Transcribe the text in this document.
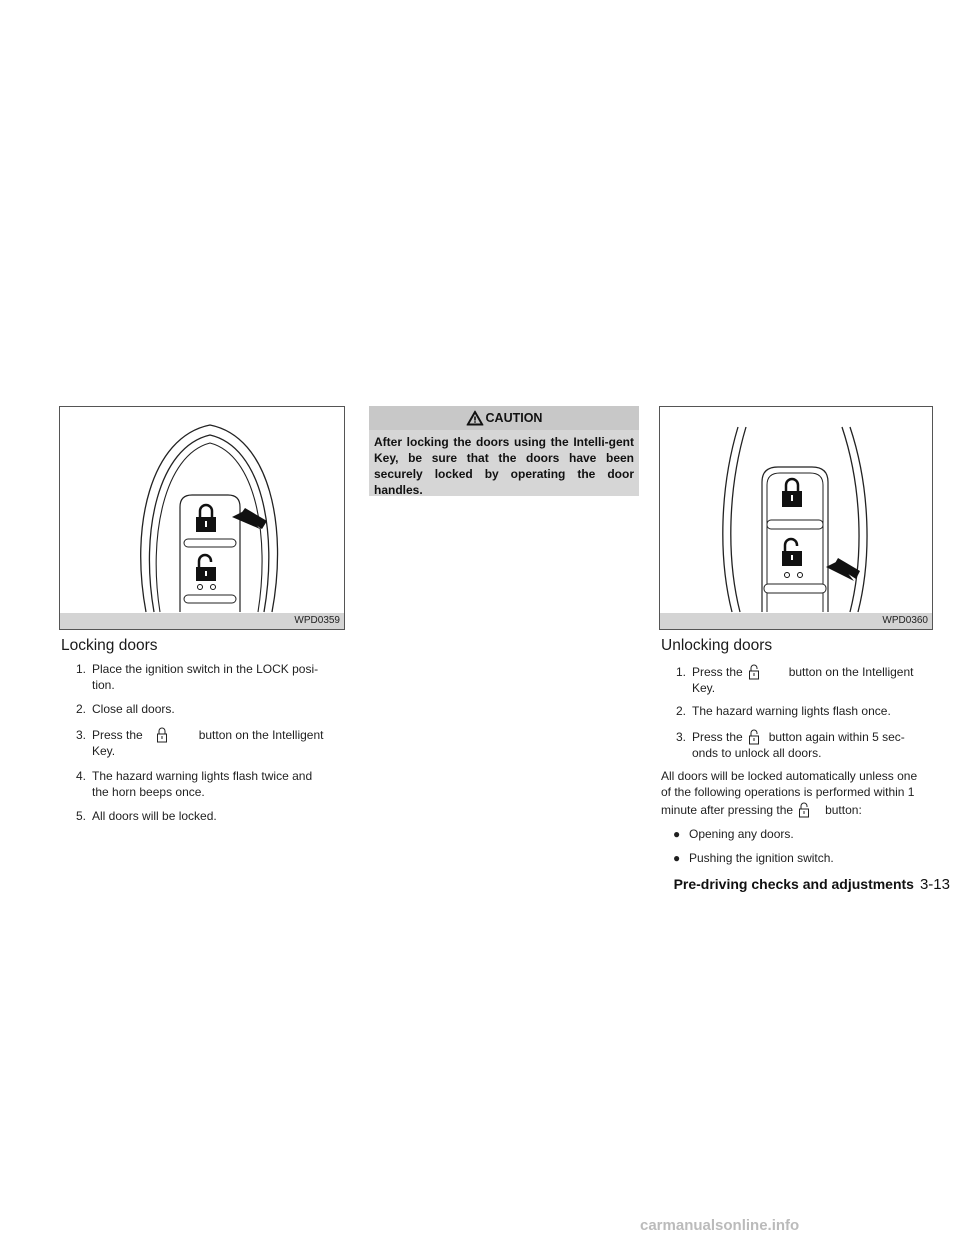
WPD0359
Locking doors
1. Place the ignition switch in the LOCK posi-
tion.
2. Close all doors.
3. Press the	button on the Intelligent
Key.
4. The hazard warning lights flash twice and
the horn beeps once.
5. All doors will be locked.
CAUTION
After locking the doors using the Intelli-gent Key, be sure that the doors have been securely locked by operating the door handles.
WPD0360
Unlocking doors
1. Press the	button on the Intelligent
Key.
2. The hazard warning lights flash once.
3. Press the button again within 5 sec-
onds to unlock all doors.
All doors will be locked automatically unless one
of the following operations is performed within 1
minute after pressing the	button:
● Opening any doors.
● Pushing the ignition switch.
Pre-driving checks and adjustments 3-13
carmanualsonline.info
